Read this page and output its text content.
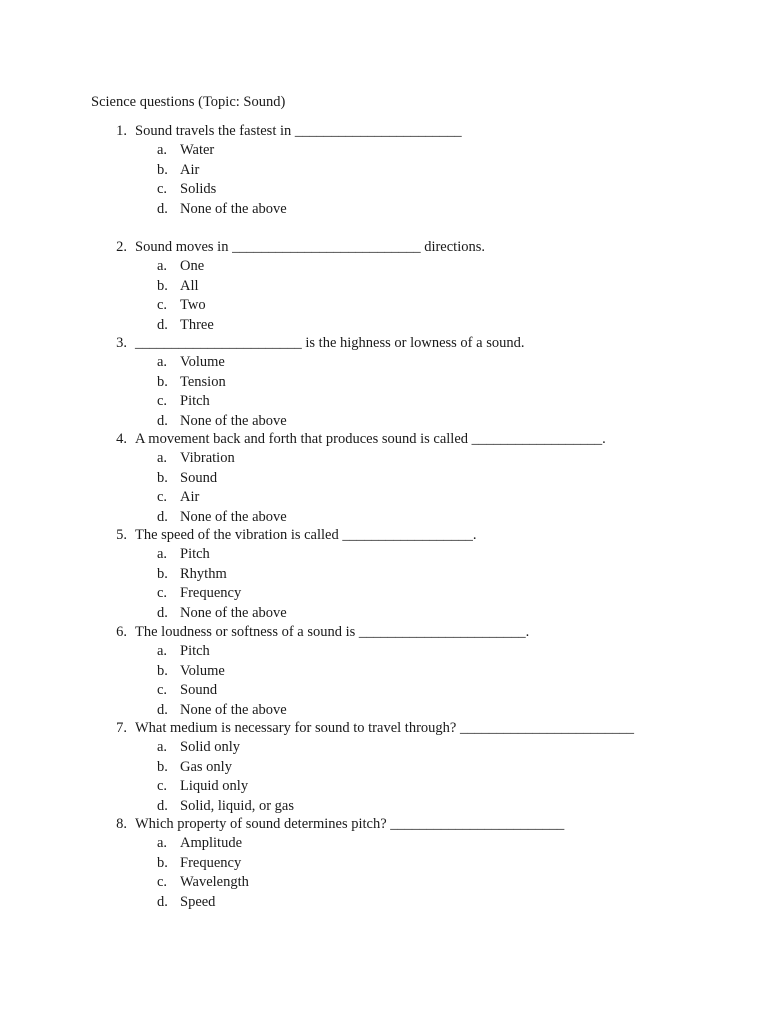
Science questions (Topic: Sound)
1. Sound travels the fastest in _______________________
a. Water
b. Air
c. Solids
d. None of the above
2. Sound moves in __________________________ directions.
a. One
b. All
c. Two
d. Three
3. _______________________ is the highness or lowness of a sound.
a. Volume
b. Tension
c. Pitch
d. None of the above
4. A movement back and forth that produces sound is called __________________.
a. Vibration
b. Sound
c. Air
d. None of the above
5. The speed of the vibration is called __________________.
a. Pitch
b. Rhythm
c. Frequency
d. None of the above
6. The loudness or softness of a sound is _______________________.
a. Pitch
b. Volume
c. Sound
d. None of the above
7. What medium is necessary for sound to travel through? ________________________
a. Solid only
b. Gas only
c. Liquid only
d. Solid, liquid, or gas
8. Which property of sound determines pitch? ________________________
a. Amplitude
b. Frequency
c. Wavelength
d. Speed
